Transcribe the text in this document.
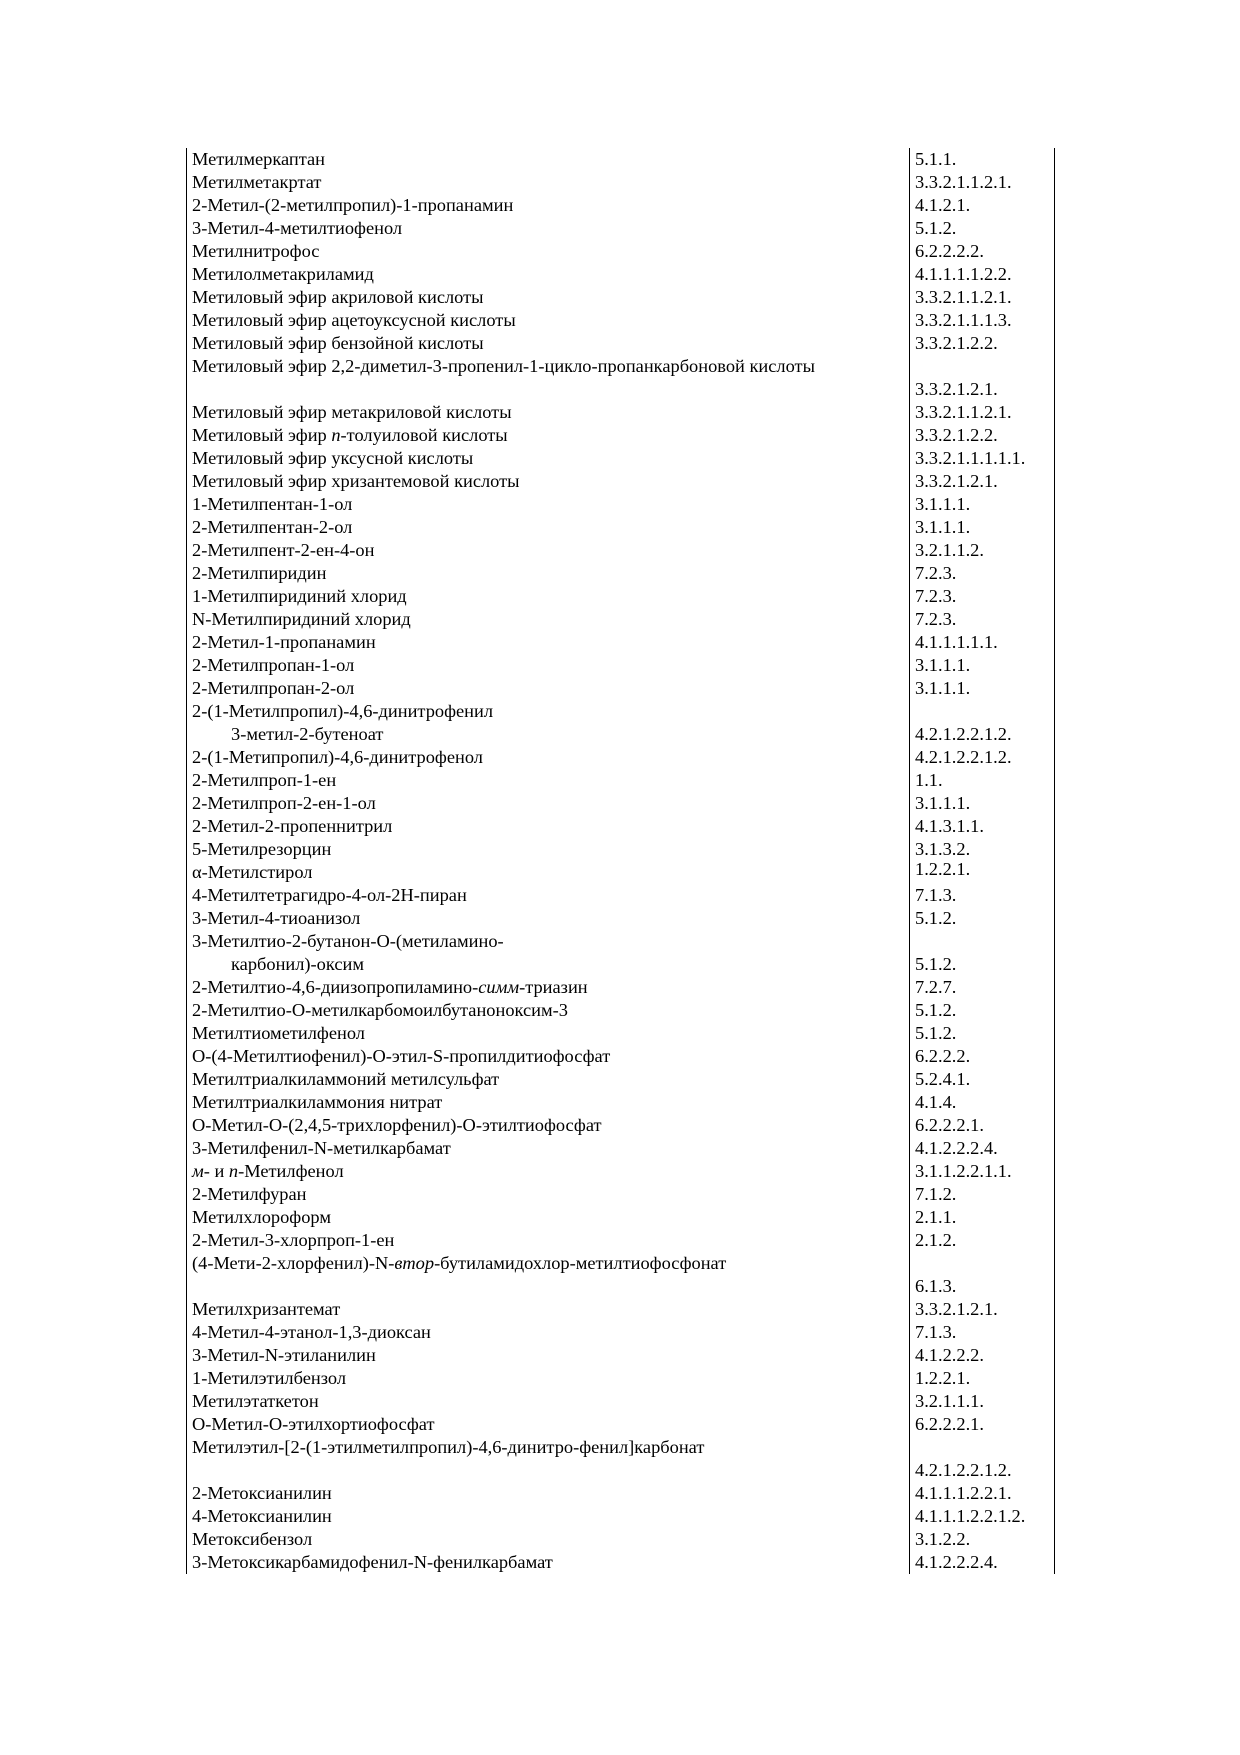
Метилмеркаптан	5.1.1.
Метилметакртат	3.3.2.1.1.2.1.
2-Метил-(2-метилпропил)-1-пропанамин	4.1.2.1.
3-Метил-4-метилтиофенол	5.1.2.
Метилнитрофос	6.2.2.2.2.
Метилолметакриламид	4.1.1.1.1.2.2.
Метиловый эфир акриловой кислоты	3.3.2.1.1.2.1.
Метиловый эфир ацетоуксусной кислоты	3.3.2.1.1.1.3.
Метиловый эфир бензойной кислоты	3.3.2.1.2.2.

Метиловый эфир 2,2-диметил-3-пропенил-1-цикло-пропанкарбоновой кислоты	3.3.2.1.2.1.
Метиловый эфир метакриловой кислоты	3.3.2.1.1.2.1.
Метиловый эфир n-толуиловой кислоты	3.3.2.1.2.2.
Метиловый эфир уксусной кислоты	3.3.2.1.1.1.1.1.
Метиловый эфир хризантемовой кислоты	3.3.2.1.2.1.
1-Метилпентан-1-ол	3.1.1.1.
2-Метилпентан-2-ол	3.1.1.1.
2-Метилпент-2-ен-4-он	3.2.1.1.2.
2-Метилпиридин	7.2.3.
1-Метилпиридиний хлорид	7.2.3.
N-Метилпиридиний хлорид	7.2.3.
2-Метил-1-пропанамин	4.1.1.1.1.1.
2-Метилпропан-1-ол	3.1.1.1.
2-Метилпропан-2-ол	3.1.1.1.

2-(1-Метилпропил)-4,6-динитрофенил
3-метил-2-бутеноат	4.2.1.2.2.1.2.
2-(1-Метипропил)-4,6-динитрофенол	4.2.1.2.2.1.2.
2-Метилпроп-1-ен	1.1.
2-Метилпроп-2-ен-1-ол	3.1.1.1.
2-Метил-2-пропеннитрил	4.1.3.1.1.
5-Метилрезорцин	3.1.3.2.
α-Метилстирол	1.2.2.1.
4-Метилтетрагидро-4-ол-2Н-пиран	7.1.3.
3-Метил-4-тиоанизол	5.1.2.

3-Метилтио-2-бутанон-О-(метиламино-
карбонил)-оксим	5.1.2.
2-Метилтио-4,6-диизопропиламино-симм-триазин	7.2.7.
2-Метилтио-О-метилкарбомоилбутаноноксим-3	5.1.2.
Метилтиометилфенол	5.1.2.
О-(4-Метилтиофенил)-О-этил-S-пропилдитиофосфат	6.2.2.2.
Метилтриалкиламмоний метилсульфат	5.2.4.1.
Метилтриалкиламмония нитрат	4.1.4.
О-Метил-О-(2,4,5-трихлорфенил)-О-этилтиофосфат	6.2.2.2.1.
3-Метилфенил-N-метилкарбамат	4.1.2.2.2.4.
м- и п-Метилфенол	3.1.1.2.2.1.1.
2-Метилфуран	7.1.2.
Метилхлороформ	2.1.1.
2-Метил-3-хлорпроп-1-ен	2.1.2.

(4-Мети-2-хлорфенил)-N-втор-бутиламидохлор-метилтиофосфонат	6.1.3.
Метилхризантемат	3.3.2.1.2.1.
4-Метил-4-этанол-1,3-диоксан	7.1.3.
3-Метил-N-этиланилин	4.1.2.2.2.
1-Метилэтилбензол	1.2.2.1.
Метилэтаткетон	3.2.1.1.1.
О-Метил-О-этилхортиофосфат	6.2.2.2.1.

Метилэтил-[2-(1-этилметилпропил)-4,6-динитро-фенил]карбонат	4.2.1.2.2.1.2.
2-Метоксианилин	4.1.1.1.2.2.1.
4-Метоксианилин	4.1.1.1.2.2.1.2.
Метоксибензол	3.1.2.2.
3-Метоксикарбамидофенил-N-фенилкарбамат	4.1.2.2.2.4.
